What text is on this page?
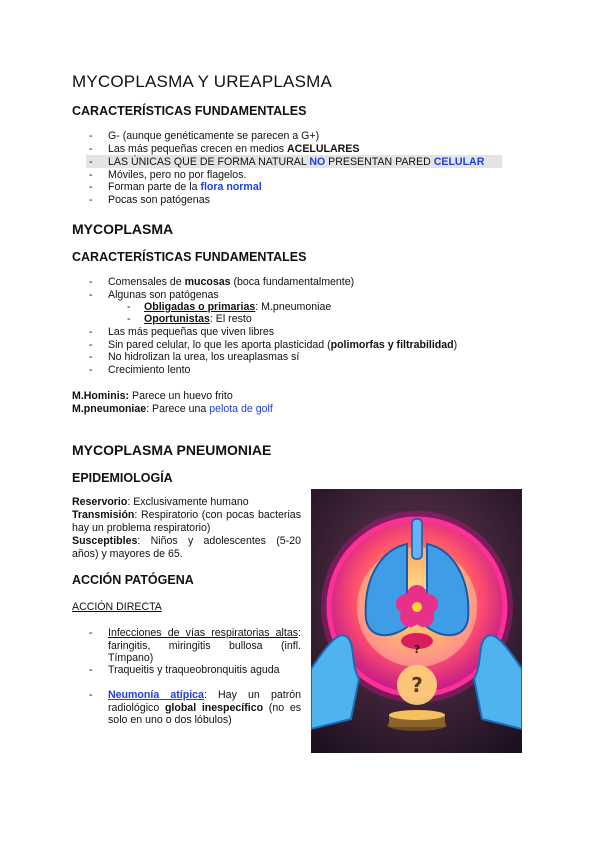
MYCOPLASMA Y UREAPLASMA
CARACTERÍSTICAS FUNDAMENTALES
- G- (aunque genéticamente se parecen a G+)
- Las más pequeñas crecen en medios ACELULARES
- LAS ÚNICAS QUE DE FORMA NATURAL NO PRESENTAN PARED CELULAR
- Móviles, pero no por flagelos.
- Forman parte de la flora normal
- Pocas son patógenas
MYCOPLASMA
CARACTERÍSTICAS FUNDAMENTALES
- Comensales de mucosas (boca fundamentalmente)
- Algunas son patógenas
- Obligadas o primarias: M.pneumoniae
- Oportunistas: El resto
- Las más pequeñas que viven libres
- Sin pared celular, lo que les aporta plasticidad (polimorfas y filtrabilidad)
- No hidrolizan la urea, los ureaplasmas sí
- Crecimiento lento
M.Hominis: Parece un huevo frito
M.pneumoniae: Parece una pelota de golf
MYCOPLASMA PNEUMONIAE
EPIDEMIOLOGÍA
Reservorio: Exclusivamente humano
Transmisión: Respiratorio (con pocas bacterias hay un problema respiratorio)
Susceptibles: Niños y adolescentes (5-20 años) y mayores de 65.
ACCIÓN PATÓGENA
ACCIÓN DIRECTA
- Infecciones de vías respiratorias altas: faringitis, miringitis bullosa (infl. Tímpano)
- Traqueitis y traqueobronquitis aguda
- Neumonía atípica: Hay un patrón radiológico global inespecífico (no es solo en uno o dos lóbulos)
?
?
